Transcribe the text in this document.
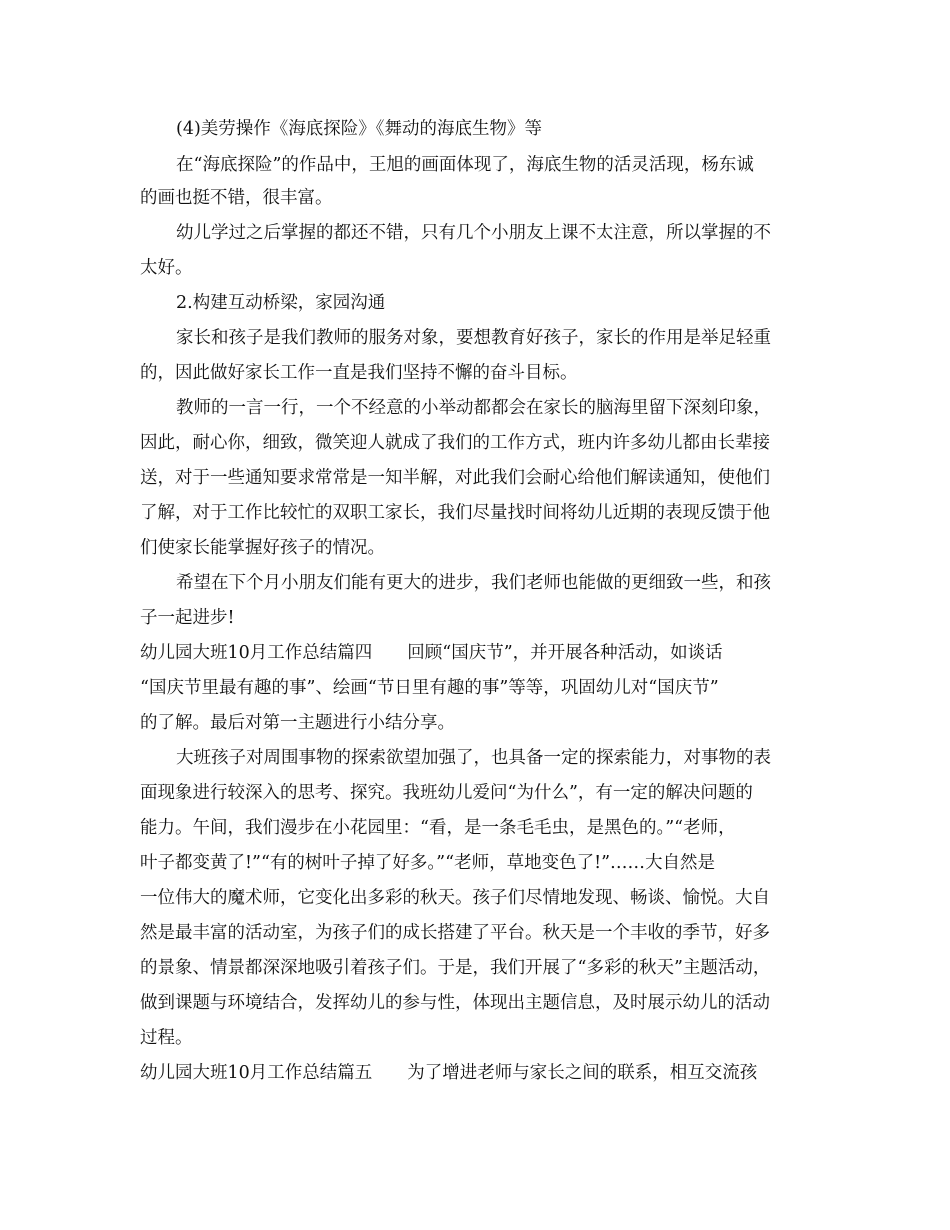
(4)美劳操作《海底探险》《舞动的海底生物》等
在“海底探险”的作品中，王旭的画面体现了，海底生物的活灵活现，杨东诚
的画也挺不错，很丰富。
幼儿学过之后掌握的都还不错，只有几个小朋友上课不太注意，所以掌握的不
太好。
2.构建互动桥梁，家园沟通
家长和孩子是我们教师的服务对象，要想教育好孩子，家长的作用是举足轻重
的，因此做好家长工作一直是我们坚持不懈的奋斗目标。
教师的一言一行，一个不经意的小举动都都会在家长的脑海里留下深刻印象，
因此，耐心你，细致，微笑迎人就成了我们的工作方式，班内许多幼儿都由长辈接
送，对于一些通知要求常常是一知半解，对此我们会耐心给他们解读通知，使他们
了解，对于工作比较忙的双职工家长，我们尽量找时间将幼儿近期的表现反馈于他
们使家长能掌握好孩子的情况。
希望在下个月小朋友们能有更大的进步，我们老师也能做的更细致一些，和孩
子一起进步!
幼儿园大班10月工作总结篇四　　回顾“国庆节”，并开展各种活动，如谈话
“国庆节里最有趣的事”、绘画“节日里有趣的事”等等，巩固幼儿对“国庆节”
的了解。最后对第一主题进行小结分享。
大班孩子对周围事物的探索欲望加强了，也具备一定的探索能力，对事物的表
面现象进行较深入的思考、探究。我班幼儿爱问“为什么”，有一定的解决问题的
能力。午间，我们漫步在小花园里：“看，是一条毛毛虫，是黑色的。”“老师，
叶子都变黄了!”“有的树叶子掉了好多。”“老师，草地变色了!”……大自然是
一位伟大的魔术师，它变化出多彩的秋天。孩子们尽情地发现、畅谈、愉悦。大自
然是最丰富的活动室，为孩子们的成长搭建了平台。秋天是一个丰收的季节，好多
的景象、情景都深深地吸引着孩子们。于是，我们开展了“多彩的秋天”主题活动，
做到课题与环境结合，发挥幼儿的参与性，体现出主题信息，及时展示幼儿的活动
过程。
幼儿园大班10月工作总结篇五　　为了增进老师与家长之间的联系，相互交流孩
